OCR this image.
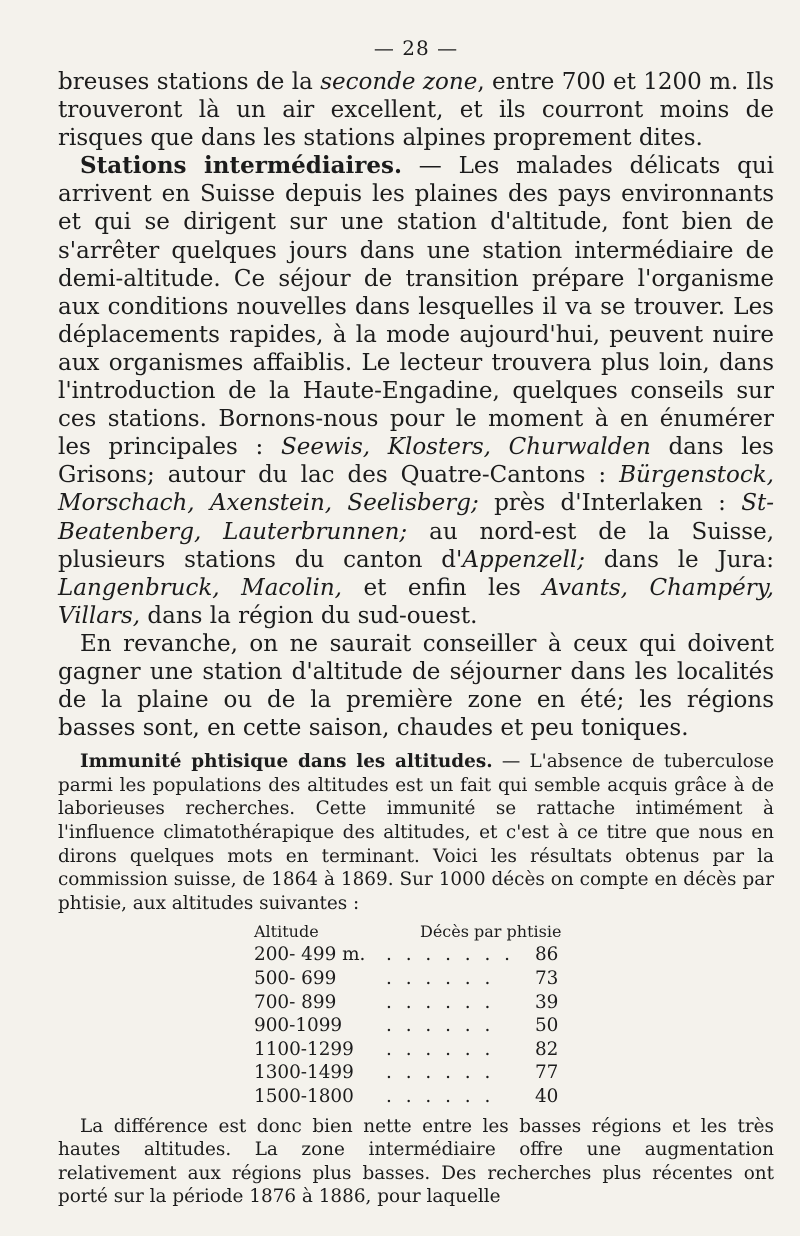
— 28 —

breuses stations de la seconde zone, entre 700 et 1200 m. Ils trouveront là un air excellent, et ils courront moins de risques que dans les stations alpines proprement dites.

Stations intermédiaires. — Les malades délicats qui arrivent en Suisse depuis les plaines des pays environnants et qui se dirigent sur une station d'altitude, font bien de s'arrêter quelques jours dans une station intermédiaire de demi-altitude. Ce séjour de transition prépare l'organisme aux conditions nouvelles dans lesquelles il va se trouver. Les déplacements rapides, à la mode aujourd'hui, peuvent nuire aux organismes affaiblis. Le lecteur trouvera plus loin, dans l'introduction de la Haute-Engadine, quelques conseils sur ces stations. Bornons-nous pour le moment à en énumérer les principales : Seewis, Klosters, Churwalden dans les Grisons; autour du lac des Quatre-Cantons : Bürgenstock, Morschach, Axenstein, Seelisberg; près d'Interlaken : St-Beatenberg, Lauterbrunnen; au nord-est de la Suisse, plusieurs stations du canton d'Appenzell; dans le Jura: Langenbruck, Macolin, et enfin les Avants, Champéry, Villars, dans la région du sud-ouest.

En revanche, on ne saurait conseiller à ceux qui doivent gagner une station d'altitude de séjourner dans les localités de la plaine ou de la première zone en été; les régions basses sont, en cette saison, chaudes et peu toniques.

Immunité phtisique dans les altitudes. — L'absence de tuberculose parmi les populations des altitudes est un fait qui semble acquis grâce à de laborieuses recherches. Cette immunité se rattache intimément à l'influence climatothérapique des altitudes, et c'est à ce titre que nous en dirons quelques mots en terminant. Voici les résultats obtenus par la commission suisse, de 1864 à 1869. Sur 1000 décès on compte en décès par phtisie, aux altitudes suivantes :

Altitude	Décès par phtisie	
200- 499 m.	. . . . . . .	86
500- 699	. . . . . .	73
700- 899	. . . . . .	39
900-1099	. . . . . .	50
1100-1299	. . . . . .	82
1300-1499	. . . . . .	77
1500-1800	. . . . . .	40

La différence est donc bien nette entre les basses régions et les très hautes altitudes. La zone intermédiaire offre une augmentation relativement aux régions plus basses. Des recherches plus récentes ont porté sur la période 1876 à 1886, pour laquelle
